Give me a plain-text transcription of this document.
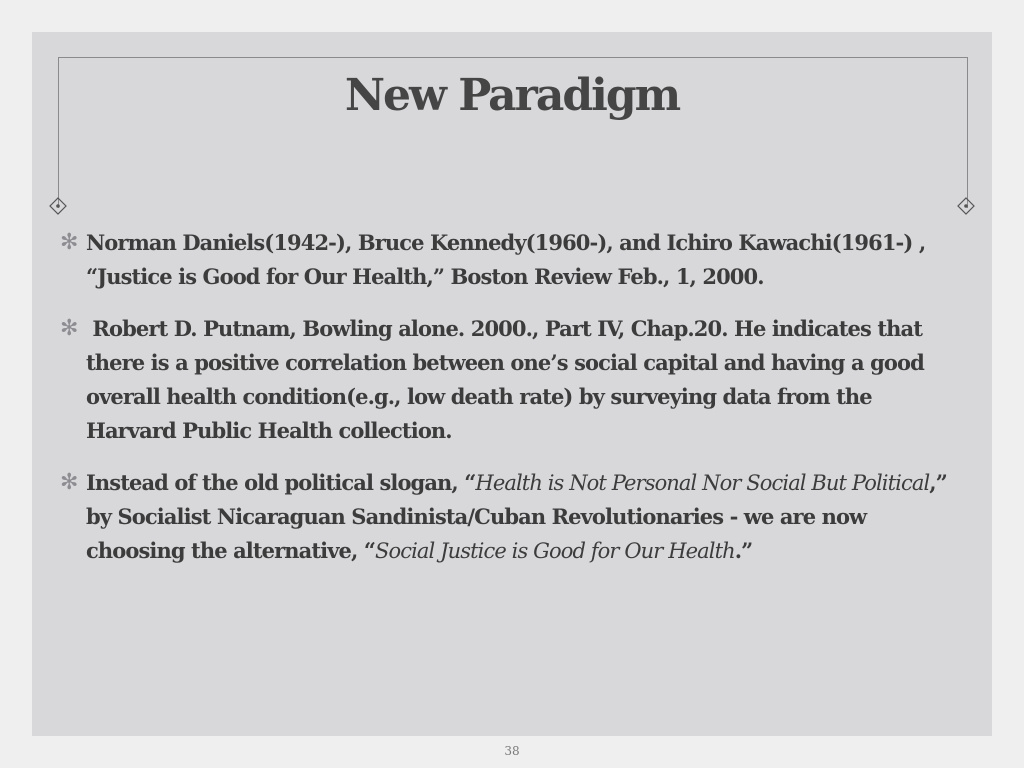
New Paradigm
✻ Norman Daniels(1942-), Bruce Kennedy(1960-), and Ichiro Kawachi(1961-) , “Justice is Good for Our Health,” Boston Review Feb., 1, 2000.
✻ Robert D. Putnam, Bowling alone. 2000., Part IV, Chap.20. He indicates that there is a positive correlation between one’s social capital and having a good overall health condition(e.g., low death rate) by surveying data from the Harvard Public Health collection.
✻ Instead of the old political slogan, “Health is Not Personal Nor Social But Political,” by Socialist Nicaraguan Sandinista/Cuban Revolutionaries - we are now choosing the alternative, “Social Justice is Good for Our Health.”
38
